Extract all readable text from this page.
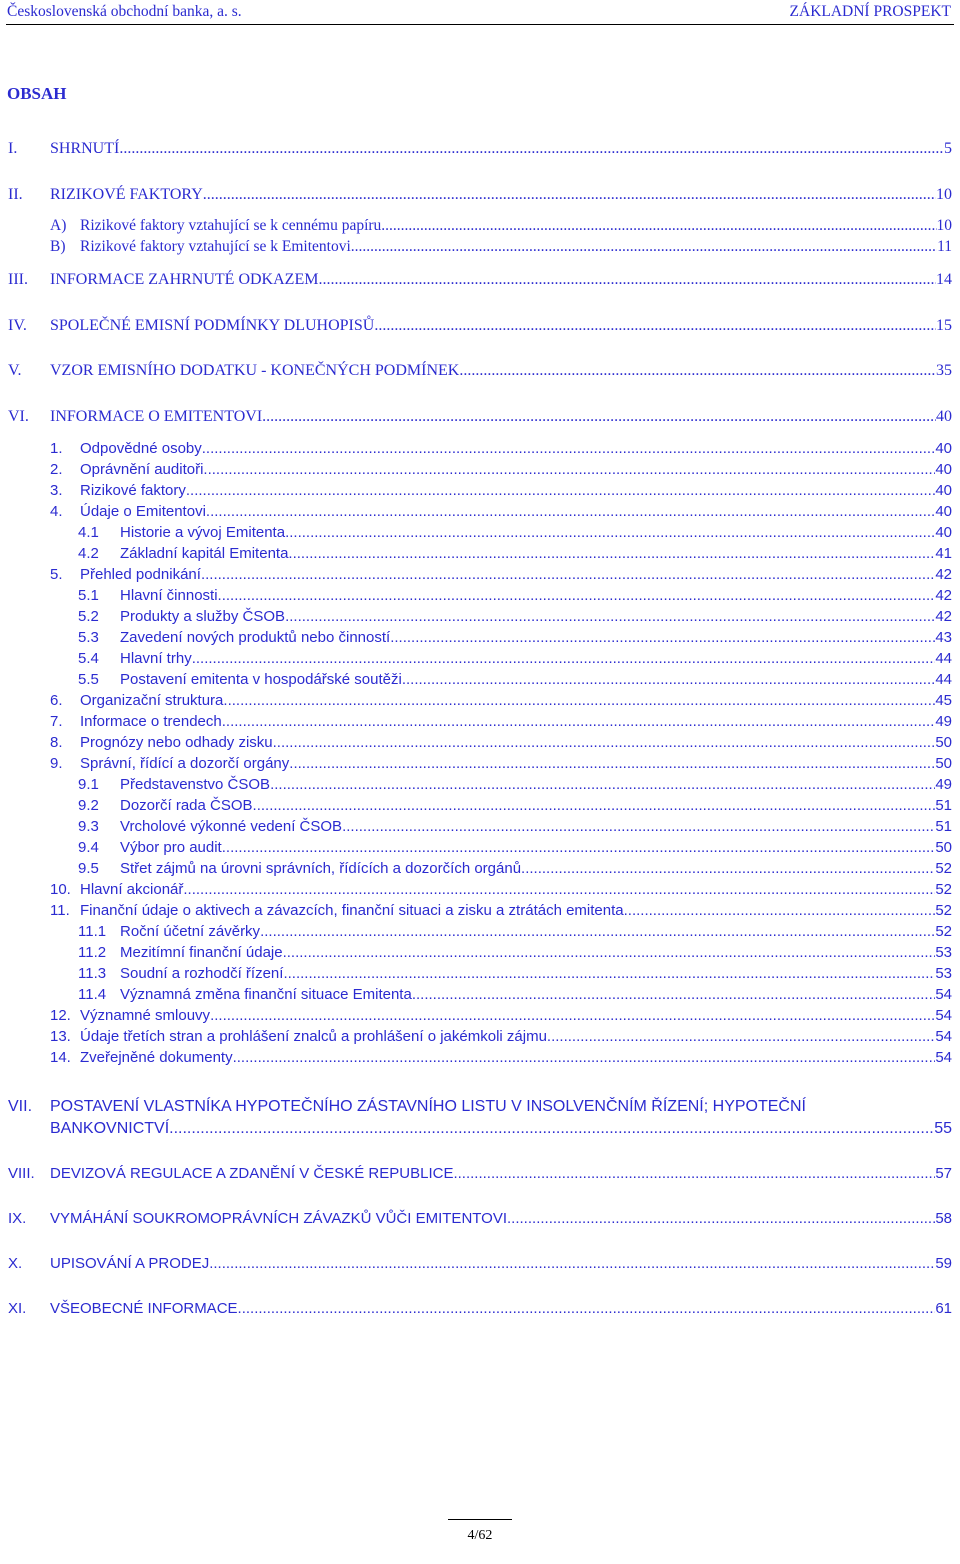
Československá obchodní banka, a. s.	ZÁKLADNÍ PROSPEKT
OBSAH
I. SHRNUTÍ .....	5
II. RIZIKOVÉ FAKTORY .....	10
A) Rizikové faktory vztahující se k cennému papíru .....	10
B) Rizikové faktory vztahující se k Emitentovi .....	11
III. INFORMACE ZAHRNUTÉ ODKAZEM .....	14
IV. SPOLEČNÉ EMISNÍ PODMÍNKY DLUHOPISŮ .....	15
V. VZOR EMISNÍHO DODATKU - KONEČNÝCH PODMÍNEK .....	35
VI. INFORMACE O EMITENTOVI .....	40
1. Odpovědné osoby .....	40
2. Oprávnění auditoři .....	40
3. Rizikové faktory .....	40
4. Údaje o Emitentovi .....	40
4.1 Historie a vývoj Emitenta .....	40
4.2 Základní kapitál Emitenta .....	41
5. Přehled podnikání .....	42
5.1 Hlavní činnosti .....	42
5.2 Produkty a služby ČSOB .....	42
5.3 Zavedení nových produktů nebo činností .....	43
5.4 Hlavní trhy .....	44
5.5 Postavení emitenta v hospodářské soutěži .....	44
6. Organizační struktura .....	45
7. Informace o trendech .....	49
8. Prognózy nebo odhady zisku .....	50
9. Správní, řídící a dozorčí orgány .....	50
9.1 Představenstvo ČSOB .....	49
9.2 Dozorčí rada ČSOB .....	51
9.3 Vrcholové výkonné vedení ČSOB .....	51
9.4 Výbor pro audit .....	50
9.5 Střet zájmů na úrovni správních, řídících a dozorčích orgánů .....	52
10. Hlavní akcionář .....	52
11. Finanční údaje o aktivech a závazcích, finanční situaci a zisku a ztrátách emitenta .....	52
11.1 Roční účetní závěrky .....	52
11.2 Mezitímní finanční údaje .....	53
11.3 Soudní a rozhodčí řízení .....	53
11.4 Významná změna finanční situace Emitenta .....	54
12. Významné smlouvy .....	54
13. Údaje třetích stran a prohlášení znalců a prohlášení o jakémkoli zájmu .....	54
14. Zveřejněné dokumenty .....	54
VII. POSTAVENÍ VLASTNÍKA HYPOTEČNÍHO ZÁSTAVNÍHO LISTU V INSOLVENČNÍM ŘÍZENÍ; HYPOTEČNÍ
BANKOVNICTVÍ .....	55
VIII. DEVIZOVÁ REGULACE A ZDANĚNÍ V ČESKÉ REPUBLICE .....	57
IX. VYMÁHÁNÍ SOUKROMOPRÁVNÍCH ZÁVAZKŮ VŮČI EMITENTOVI .....	58
X. UPISOVÁNÍ A PRODEJ .....	59
XI. VŠEOBECNÉ INFORMACE .....	61
4/62
